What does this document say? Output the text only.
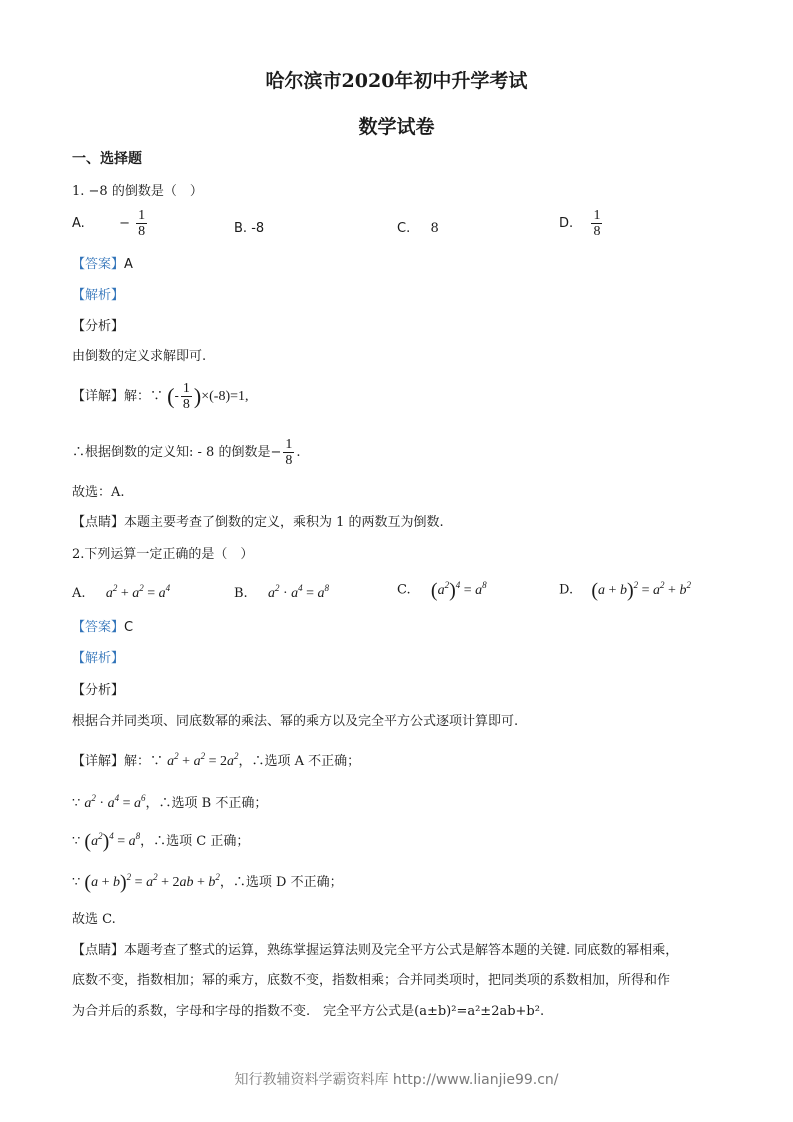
哈尔滨市2020年初中升学考试
数学试卷
一、选择题
1. −8 的倒数是（　）
A.	− $\frac{1}{8}$	B. -8	C. 8	D. $\frac{1}{8}$
【答案】A
【解析】
【分析】
由倒数的定义求解即可.
【详解】解：∵ (- $\frac{1}{8} )\times(-8)=1$,
∴根据倒数的定义知: - 8 的倒数是− $\frac{1}{8}$ .
故选：A.
【点睛】本题主要考查了倒数的定义，乘积为 1 的两数互为倒数.
2.下列运算一定正确的是（　）
A. $a^2 + a^2 = a^4$	B. $a^2 \cdot a^4 = a^8$	C. $(a^2)^4 = a^8$	D. $(a + b)^2 = a^2 + b^2$
【答案】C
【解析】
【分析】
根据合并同类项、同底数幂的乘法、幂的乘方以及完全平方公式逐项计算即可.
【详解】解：∵ $a^2 + a^2 = 2a^2$，∴选项 A 不正确；
∵ $a^2 \cdot a^4 = a^6$，∴选项 B 不正确；
∵ $(a^2)^4 = a^8$，∴选项 C 正确；
∵ $(a + b)^2 = a^2 + 2ab + b^2$，∴选项 D 不正确；
故选 C.
【点睛】本题考查了整式的运算，熟练掌握运算法则及完全平方公式是解答本题的关键. 同底数的幂相乘，
底数不变，指数相加；幂的乘方，底数不变，指数相乘；合并同类项时，把同类项的系数相加，所得和作
为合并后的系数，字母和字母的指数不变.　完全平方公式是(a±b)²=a²±2ab+b².
知行教辅资料学霸资料库 http://www.lianjie99.cn/
